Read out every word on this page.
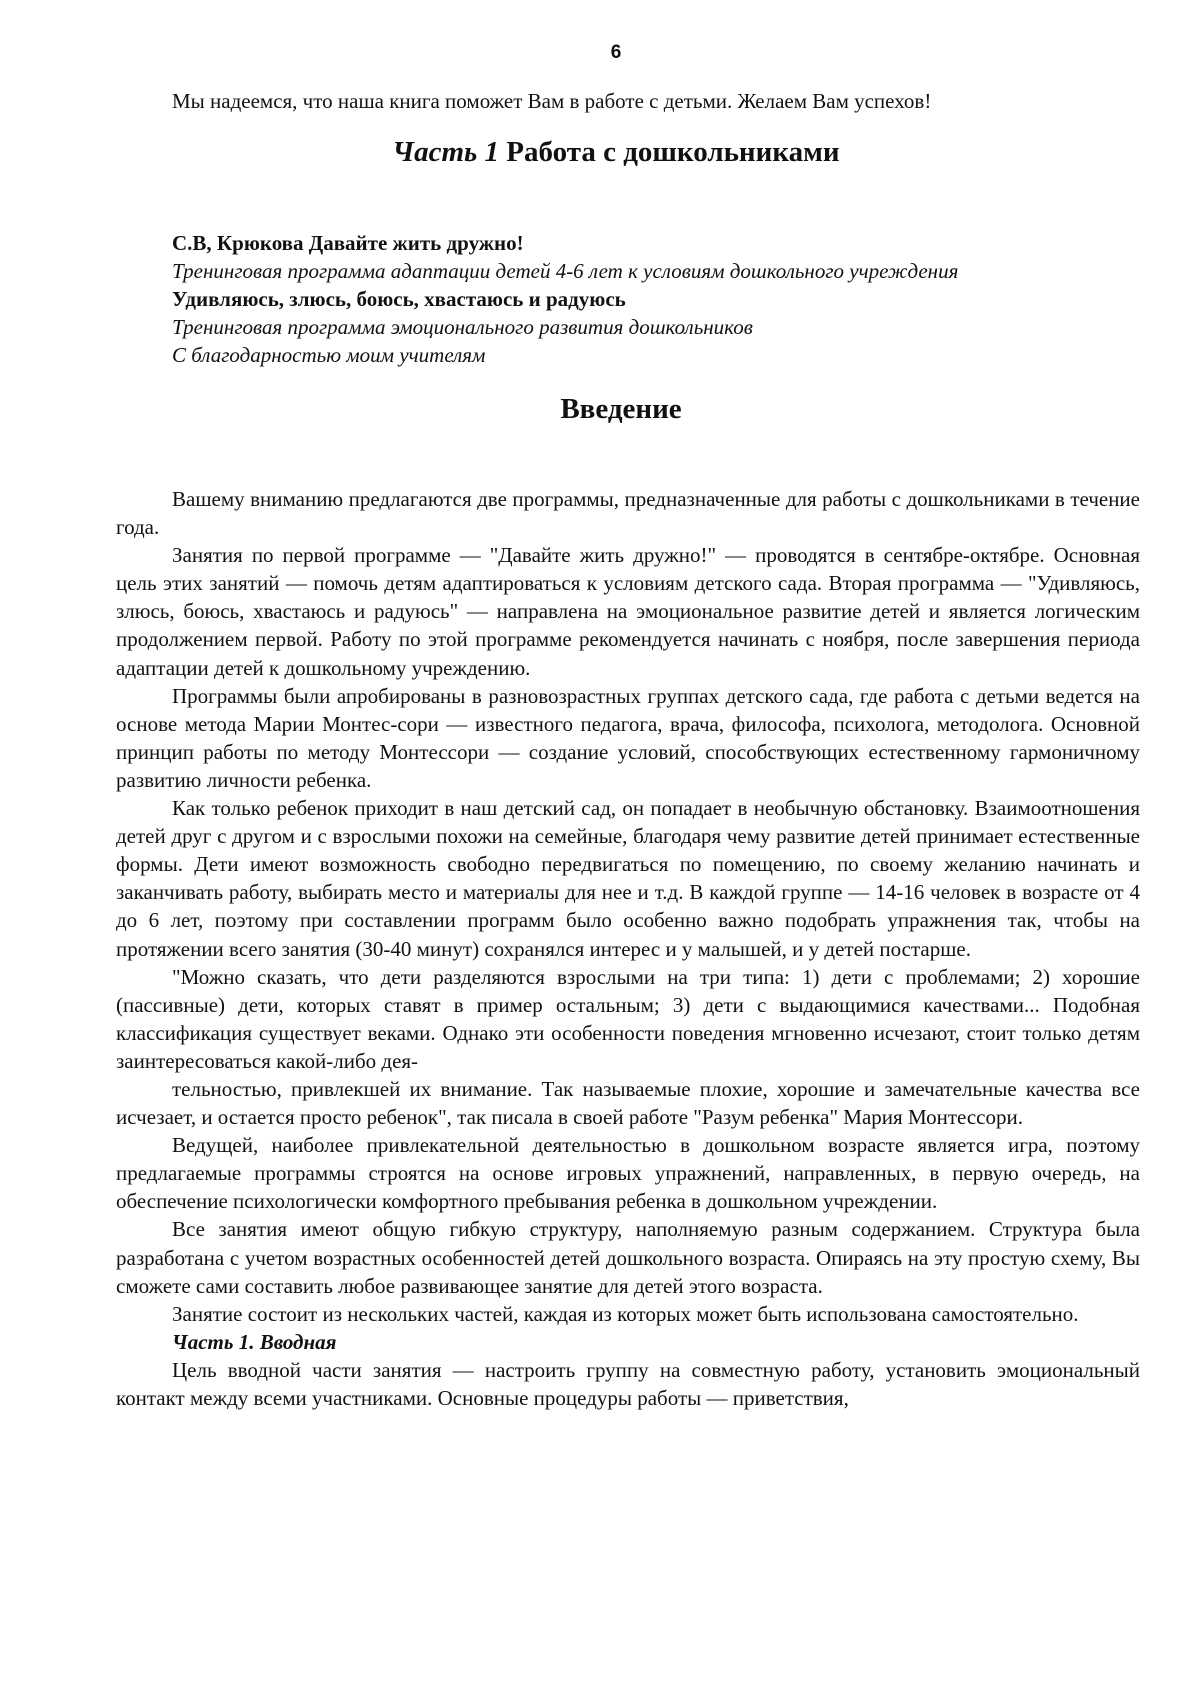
6
Мы надеемся, что наша книга поможет Вам в работе с детьми. Желаем Вам успехов!
Часть 1 Работа с дошкольниками
С.В, Крюкова Давайте жить дружно!
Тренинговая программа адаптации детей 4-6 лет к условиям дошкольного учреждения
Удивляюсь, злюсь, боюсь, хвастаюсь и радуюсь
Тренинговая программа эмоционального развития дошкольников
С благодарностью моим учителям
Введение

Вашему вниманию предлагаются две программы, предназначенные для работы с дошкольниками в течение года.

Занятия по первой программе — "Давайте жить дружно!" — проводятся в сентябре-октябре. Основная цель этих занятий — помочь детям адаптироваться к условиям детского сада. Вторая программа — "Удивляюсь, злюсь, боюсь, хвастаюсь и радуюсь" — направлена на эмоциональное развитие детей и является логическим продолжением первой. Работу по этой программе рекомендуется начинать с ноября, после завершения периода адаптации детей к дошкольному учреждению.

Программы были апробированы в разновозрастных группах детского сада, где работа с детьми ведется на основе метода Марии Монтес-сори — известного педагога, врача, философа, психолога, методолога. Основной принцип работы по методу Монтессори — создание условий, способствующих естественному гармоничному развитию личности ребенка.

Как только ребенок приходит в наш детский сад, он попадает в необычную обстановку. Взаимоотношения детей друг с другом и с взрослыми похожи на семейные, благодаря чему развитие детей принимает естественные формы. Дети имеют возможность свободно передвигаться по помещению, по своему желанию начинать и заканчивать работу, выбирать место и материалы для нее и т.д. В каждой группе — 14-16 человек в возрасте от 4 до 6 лет, поэтому при составлении программ было особенно важно подобрать упражнения так, чтобы на протяжении всего занятия (30-40 минут) сохранялся интерес и у малышей, и у детей постарше.

"Можно сказать, что дети разделяются взрослыми на три типа: 1) дети с проблемами; 2) хорошие (пассивные) дети, которых ставят в пример остальным; 3) дети с выдающимися качествами... Подобная классификация существует веками. Однако эти особенности поведения мгновенно исчезают, стоит только детям заинтересоваться какой-либо дея-

тельностью, привлекшей их внимание. Так называемые плохие, хорошие и замечательные качества все исчезает, и остается просто ребенок", так писала в своей работе "Разум ребенка" Мария Монтессори.

Ведущей, наиболее привлекательной деятельностью в дошкольном возрасте является игра, поэтому предлагаемые программы строятся на основе игровых упражнений, направленных, в первую очередь, на обеспечение психологически комфортного пребывания ребенка в дошкольном учреждении.

Все занятия имеют общую гибкую структуру, наполняемую разным содержанием. Структура была разработана с учетом возрастных особенностей детей дошкольного возраста. Опираясь на эту простую схему, Вы сможете сами составить любое развивающее занятие для детей этого возраста.

Занятие состоит из нескольких частей, каждая из которых может быть использована самостоятельно.

Часть 1. Вводная

Цель вводной части занятия — настроить группу на совместную работу, установить эмоциональный контакт между всеми участниками. Основные процедуры работы — приветствия,
